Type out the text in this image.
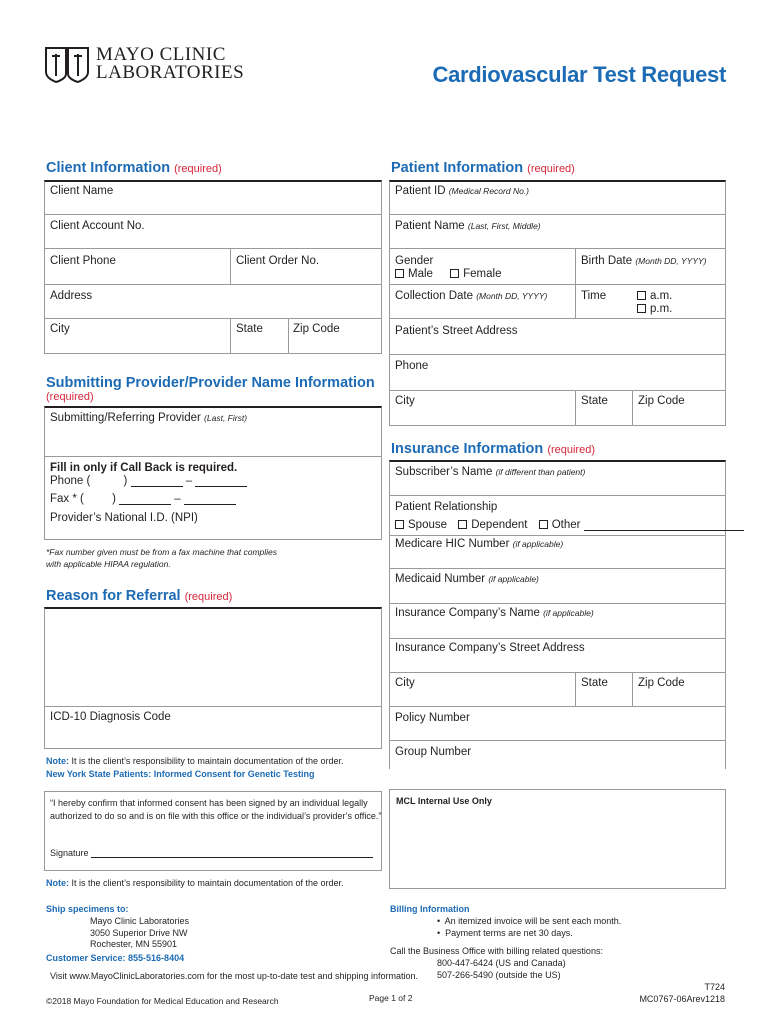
MAYO CLINIC
LABORATORIES	Cardiovascular Test Request
Client Information (required)
Client Name
Client Account No.
Client Phone	Client Order No.
Address
City	State	Zip Code
Submitting Provider/Provider Name Information
(required)
Submitting/Referring Provider (Last, First)
Fill in only if Call Back is required.
Phone (	)	–
Fax * ( )	–
Provider’s National I.D. (NPI)
*Fax number given must be from a fax machine that complies
with applicable HIPAA regulation.
Reason for Referral (required)
ICD-10 Diagnosis Code
Note: It is the client’s responsibility to maintain documentation of the order.
New York State Patients: Informed Consent for Genetic Testing
“I hereby confirm that informed consent has been signed by an individual legally
authorized to do so and is on file with this office or the individual’s provider’s office.”
Signature
Note: It is the client’s responsibility to maintain documentation of the order.
Patient Information (required)
Patient ID (Medical Record No.)
Patient Name (Last, First, Middle)
Gender
Male	Female
Birth Date (Month DD, YYYY)
Collection Date (Month DD, YYYY)	Time	a.m.
p.m.
Patient’s Street Address
Phone
City	State	Zip Code
Insurance Information (required)
Subscriber’s Name (if different than patient)
Patient Relationship
Spouse Dependent Other
Medicare HIC Number (if applicable)
Medicaid Number (if applicable)
Insurance Company’s Name (if applicable)
Insurance Company’s Street Address
City	State	Zip Code
Policy Number
Group Number
MCL Internal Use Only
Ship specimens to:
Mayo Clinic Laboratories
3050 Superior Drive NW
Rochester, MN 55901
Customer Service: 855-516-8404
Visit www.MayoClinicLaboratories.com for the most up-to-date test and shipping information.
Billing Information
•  An itemized invoice will be sent each month.
•  Payment terms are net 30 days.
Call the Business Office with billing related questions:
800-447-6424 (US and Canada)
507-266-5490 (outside the US)
©2018 Mayo Foundation for Medical Education and Research	Page 1 of 2
T724
MC0767-06Arev1218
